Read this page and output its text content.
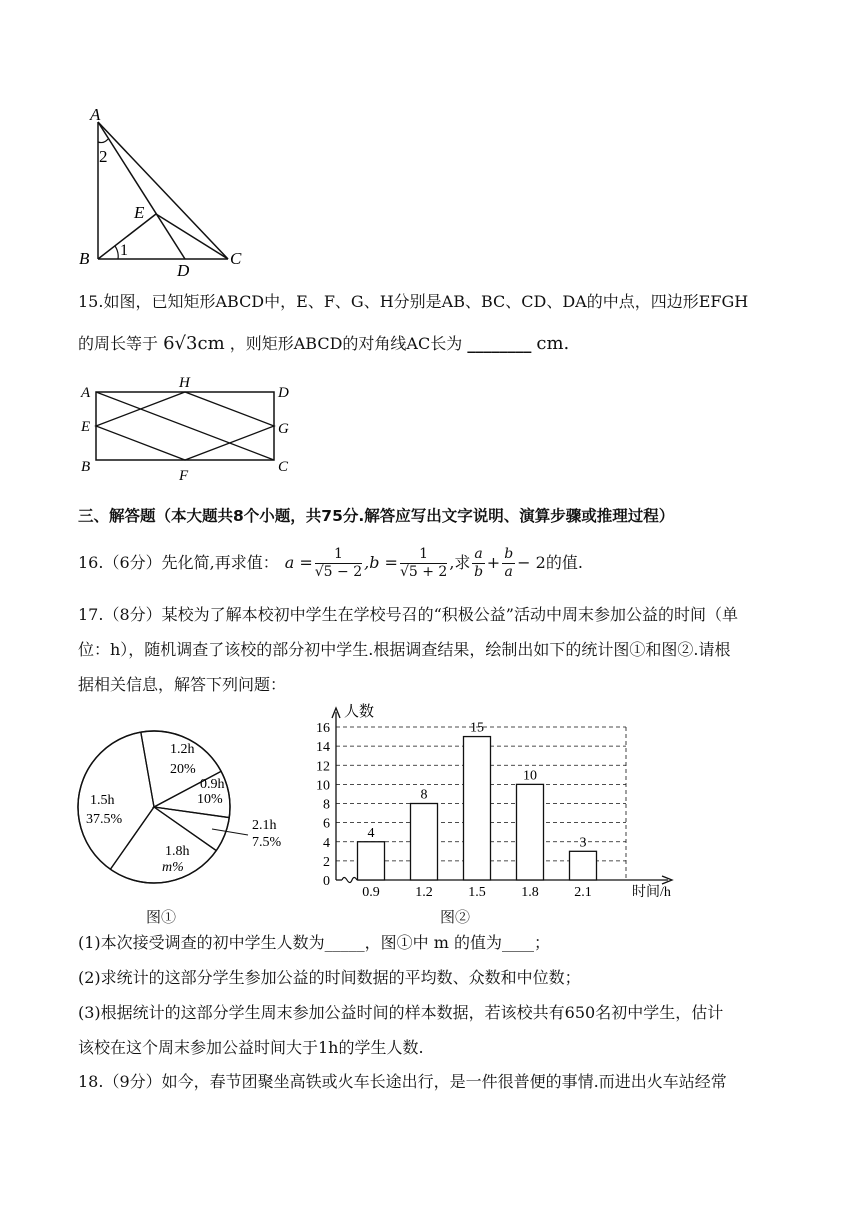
A
B	C
D
E
2
1
15.如图，已知矩形ABCD中，E、F、G、H分别是AB、BC、CD、DA的中点，四边形EFGH
的周长等于 6√3cm ，则矩形ABCD的对角线AC长为 ________ cm.
A
H
D
E	G
B
F
C
三、解答题（本大题共8个小题，共75分.解答应写出文字说明、演算步骤或推理过程）
16.（6分）先化简,再求值： $a = \frac{1}{√5 - 2} ,b = \frac{1}{√5 + 2}$ ,求 $\frac{a}{b} + \frac{b}{a} - 2$的值.
17.（8分）某校为了解本校初中学生在学校号召的“积极公益”活动中周末参加公益的时间（单
位：h），随机调查了该校的部分初中学生.根据调查结果，绘制出如下的统计图①和图②.请根
据相关信息，解答下列问题：
1.2h
20%
0.9h
10%
2.1h
7.5%
1.8h
m%
1.5h
37.5%
图①
0
2
4
6
8
10
12
14
16
人数
时间/h
4
0.9
8
1.2
15
1.5
10
1.8
3
2.1
图②
(1)本次接受调查的初中学生人数为_____，图①中 m 的值为____；
(2)求统计的这部分学生参加公益的时间数据的平均数、众数和中位数；
(3)根据统计的这部分学生周末参加公益时间的样本数据，若该校共有650名初中学生，估计
该校在这个周末参加公益时间大于1h的学生人数.
18.（9分）如今，春节团聚坐高铁或火车长途出行，是一件很普便的事情.而进出火车站经常
